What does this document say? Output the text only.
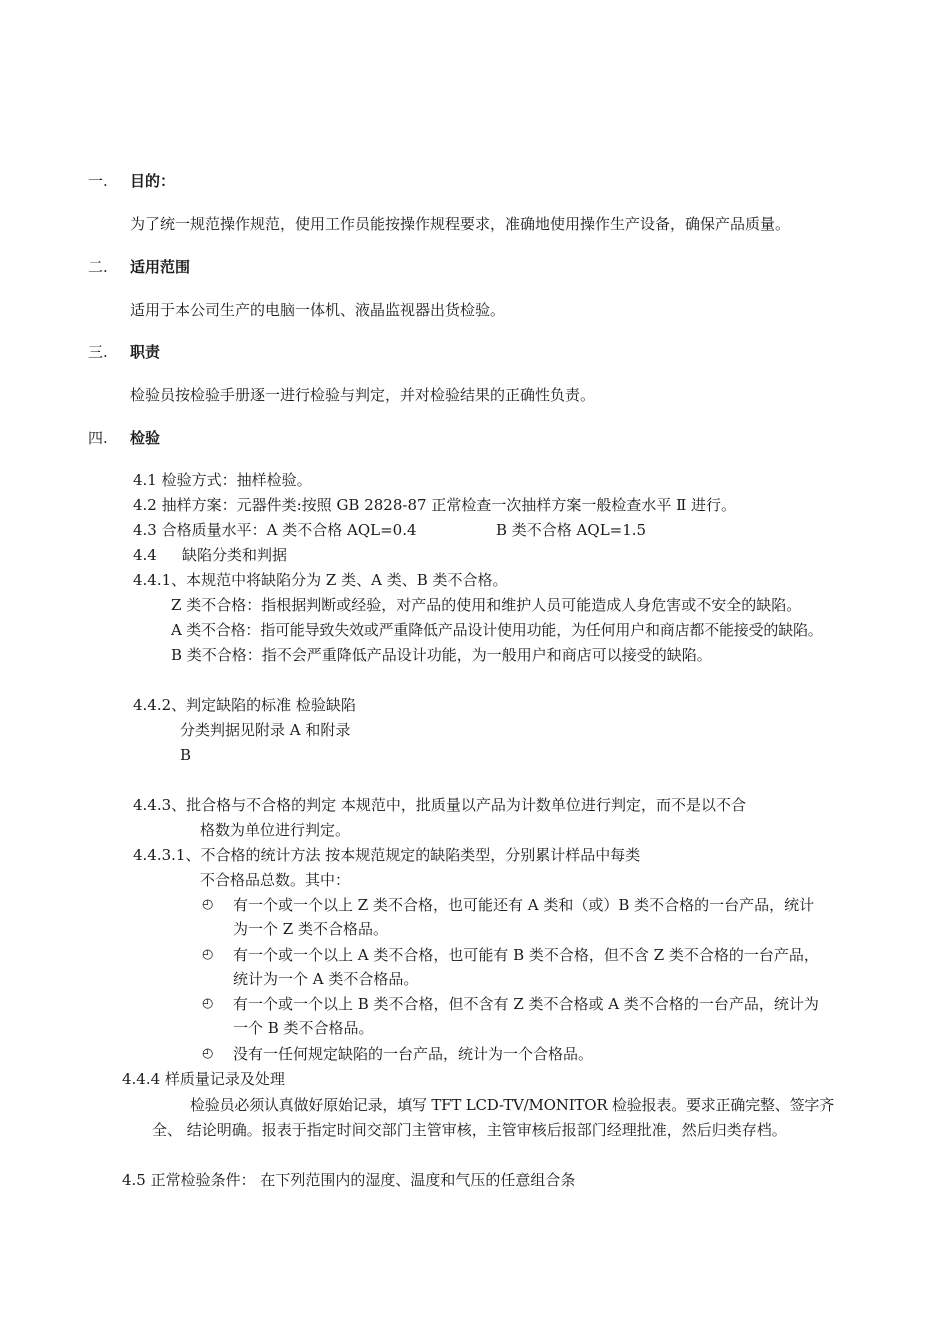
一. 目的：
为了统一规范操作规范，使用工作员能按操作规程要求，准确地使用操作生产设备，确保产品质量。
二. 适用范围
适用于本公司生产的电脑一体机、液晶监视器出货检验。
三. 职责
检验员按检验手册逐一进行检验与判定，并对检验结果的正确性负责。
四. 检验
4.1 检验方式：抽样检验。
4.2 抽样方案：元器件类:按照 GB 2828-87 正常检查一次抽样方案一般检查水平 Ⅱ 进行。
4.3 合格质量水平：A 类不合格 AQL=0.4	B 类不合格 AQL=1.5
4.4 缺陷分类和判据
4.4.1、本规范中将缺陷分为 Z 类、A 类、B 类不合格。
Z 类不合格：指根据判断或经验，对产品的使用和维护人员可能造成人身危害或不安全的缺陷。
A 类不合格：指可能导致失效或严重降低产品设计使用功能，为任何用户和商店都不能接受的缺陷。
B 类不合格：指不会严重降低产品设计功能，为一般用户和商店可以接受的缺陷。
4.4.2、判定缺陷的标准 检验缺陷
分类判据见附录 A 和附录
B
4.4.3、批合格与不合格的判定 本规范中，批质量以产品为计数单位进行判定，而不是以不合
格数为单位进行判定。
4.4.3.1、不合格的统计方法 按本规范规定的缺陷类型，分别累计样品中每类
不合格品总数。其中：
◴ 有一个或一个以上 Z 类不合格，也可能还有 A 类和（或）B 类不合格的一台产品，统计
为一个 Z 类不合格品。
◴ 有一个或一个以上 A 类不合格，也可能有 B 类不合格，但不含 Z 类不合格的一台产品，
统计为一个 A 类不合格品。
◴ 有一个或一个以上 B 类不合格，但不含有 Z 类不合格或 A 类不合格的一台产品，统计为
一个 B 类不合格品。
◴ 没有一任何规定缺陷的一台产品，统计为一个合格品。
4.4.4 样质量记录及处理
检验员必须认真做好原始记录，填写 TFT LCD-TV/MONITOR 检验报表。要求正确完整、签字齐
全、 结论明确。报表于指定时间交部门主管审核，主管审核后报部门经理批准，然后归类存档。
4.5 正常检验条件： 在下列范围内的湿度、温度和气压的任意组合条
